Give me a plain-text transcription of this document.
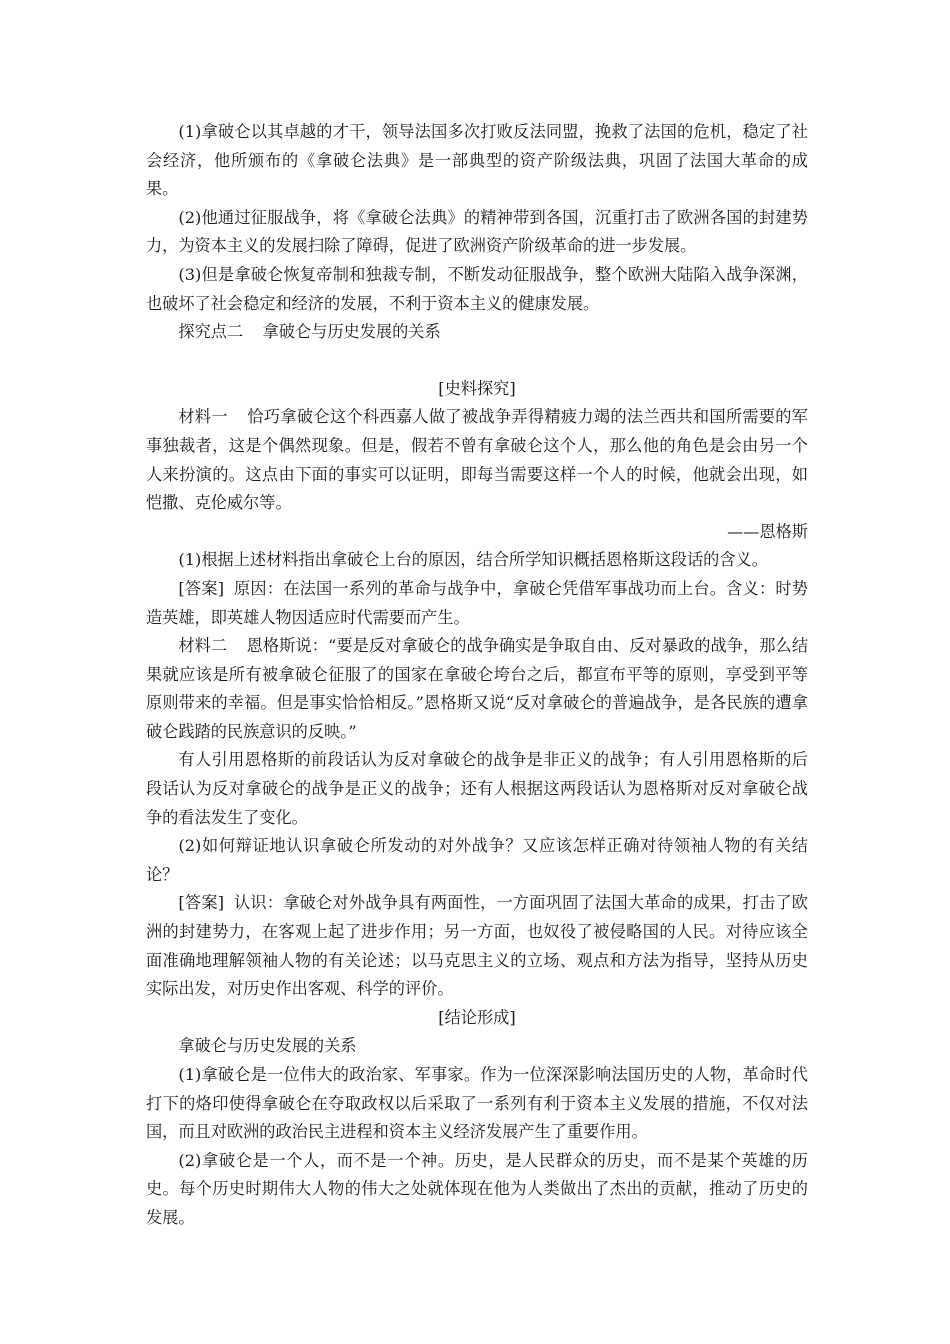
(1)拿破仑以其卓越的才干，领导法国多次打败反法同盟，挽救了法国的危机，稳定了社会经济，他所颁布的《拿破仑法典》是一部典型的资产阶级法典，巩固了法国大革命的成果。

(2)他通过征服战争，将《拿破仑法典》的精神带到各国，沉重打击了欧洲各国的封建势力，为资本主义的发展扫除了障碍，促进了欧洲资产阶级革命的进一步发展。

(3)但是拿破仑恢复帝制和独裁专制，不断发动征服战争，整个欧洲大陆陷入战争深渊，也破坏了社会稳定和经济的发展，不利于资本主义的健康发展。

探究点二 拿破仑与历史发展的关系

[史料探究]

材料一 恰巧拿破仑这个科西嘉人做了被战争弄得精疲力竭的法兰西共和国所需要的军事独裁者，这是个偶然现象。但是，假若不曾有拿破仑这个人，那么他的角色是会由另一个人来扮演的。这点由下面的事实可以证明，即每当需要这样一个人的时候，他就会出现，如恺撒、克伦威尔等。

——恩格斯

(1)根据上述材料指出拿破仑上台的原因，结合所学知识概括恩格斯这段话的含义。

[答案] 原因：在法国一系列的革命与战争中，拿破仑凭借军事战功而上台。含义：时势造英雄，即英雄人物因适应时代需要而产生。

材料二 恩格斯说：“要是反对拿破仑的战争确实是争取自由、反对暴政的战争，那么结果就应该是所有被拿破仑征服了的国家在拿破仑垮台之后，都宣布平等的原则，享受到平等原则带来的幸福。但是事实恰恰相反。”恩格斯又说“反对拿破仑的普遍战争，是各民族的遭拿破仑践踏的民族意识的反映。”

有人引用恩格斯的前段话认为反对拿破仑的战争是非正义的战争；有人引用恩格斯的后段话认为反对拿破仑的战争是正义的战争；还有人根据这两段话认为恩格斯对反对拿破仑战争的看法发生了变化。

(2)如何辩证地认识拿破仑所发动的对外战争？又应该怎样正确对待领袖人物的有关结论？

[答案] 认识：拿破仑对外战争具有两面性，一方面巩固了法国大革命的成果，打击了欧洲的封建势力，在客观上起了进步作用；另一方面，也奴役了被侵略国的人民。对待应该全面准确地理解领袖人物的有关论述；以马克思主义的立场、观点和方法为指导，坚持从历史实际出发，对历史作出客观、科学的评价。

[结论形成]

拿破仑与历史发展的关系

(1)拿破仑是一位伟大的政治家、军事家。作为一位深深影响法国历史的人物，革命时代打下的烙印使得拿破仑在夺取政权以后采取了一系列有利于资本主义发展的措施，不仅对法国，而且对欧洲的政治民主进程和资本主义经济发展产生了重要作用。

(2)拿破仑是一个人，而不是一个神。历史，是人民群众的历史，而不是某个英雄的历史。每个历史时期伟大人物的伟大之处就体现在他为人类做出了杰出的贡献，推动了历史的发展。
